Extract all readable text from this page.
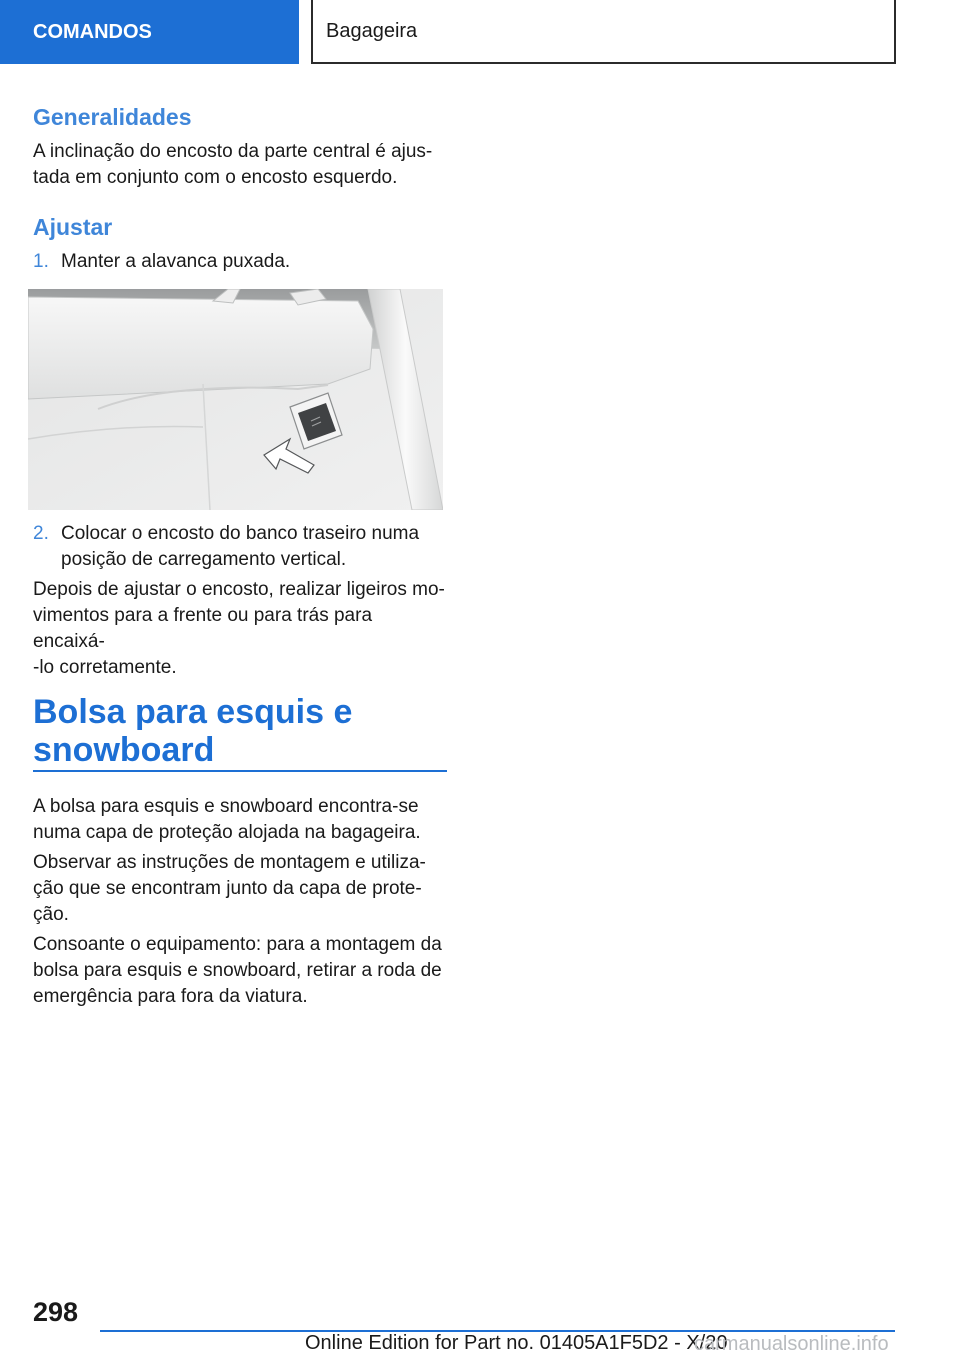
COMANDOS	Bagageira
Generalidades

A inclinação do encosto da parte central é ajus-
tada em conjunto com o encosto esquerdo.

Ajustar
1. Manter a alavanca puxada.
2. Colocar o encosto do banco traseiro numa
posição de carregamento vertical.

Depois de ajustar o encosto, realizar ligeiros mo-
vimentos para a frente ou para trás para encaixá-
-lo corretamente.

Bolsa para esquis e
snowboard

A bolsa para esquis e snowboard encontra-se
numa capa de proteção alojada na bagageira.

Observar as instruções de montagem e utiliza-
ção que se encontram junto da capa de prote-
ção.

Consoante o equipamento: para a montagem da
bolsa para esquis e snowboard, retirar a roda de
emergência para fora da viatura.

298
Online Edition for Part no. 01405A1F5D2 - X/20
carmanualsonline.info
